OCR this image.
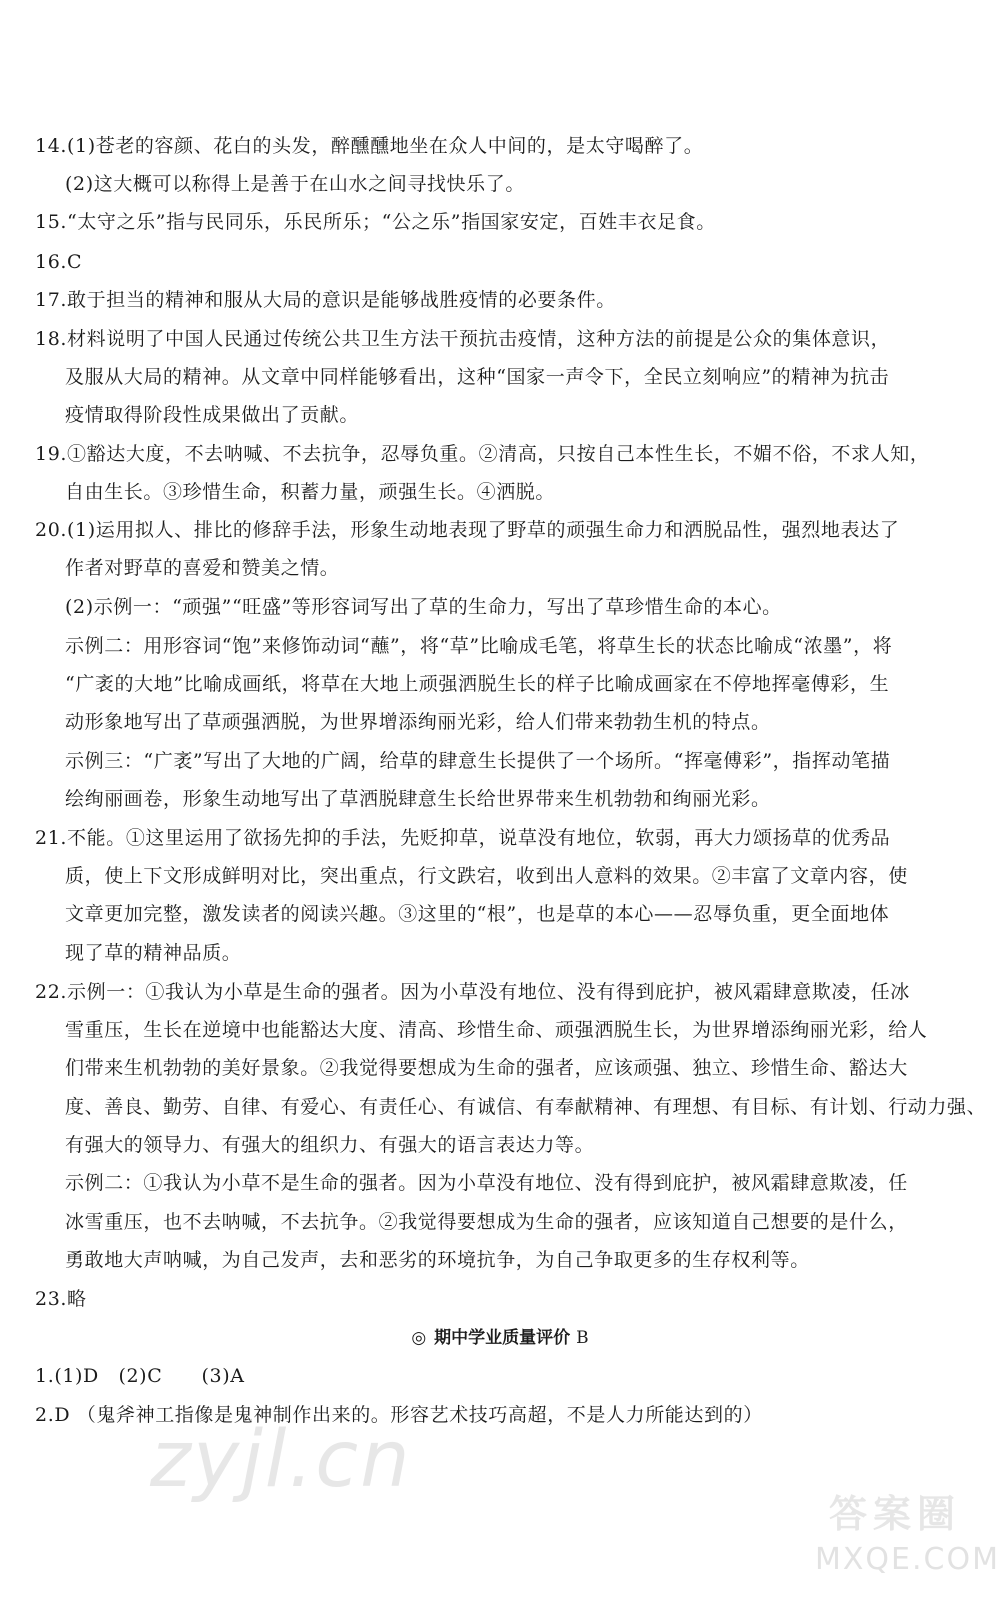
14.(1)苍老的容颜、花白的头发，醉醺醺地坐在众人中间的，是太守喝醉了。
(2)这大概可以称得上是善于在山水之间寻找快乐了。
15.“太守之乐”指与民同乐，乐民所乐；“公之乐”指国家安定，百姓丰衣足食。
16.C
17.敢于担当的精神和服从大局的意识是能够战胜疫情的必要条件。
18.材料说明了中国人民通过传统公共卫生方法干预抗击疫情，这种方法的前提是公众的集体意识，
及服从大局的精神。从文章中同样能够看出，这种“国家一声令下，全民立刻响应”的精神为抗击
疫情取得阶段性成果做出了贡献。
19.①豁达大度，不去呐喊、不去抗争，忍辱负重。②清高，只按自己本性生长，不媚不俗，不求人知，
自由生长。③珍惜生命，积蓄力量，顽强生长。④洒脱。
20.(1)运用拟人、排比的修辞手法，形象生动地表现了野草的顽强生命力和洒脱品性，强烈地表达了
作者对野草的喜爱和赞美之情。
(2)示例一：“顽强”“旺盛”等形容词写出了草的生命力，写出了草珍惜生命的本心。
示例二：用形容词“饱”来修饰动词“蘸”，将“草”比喻成毛笔，将草生长的状态比喻成“浓墨”，将
“广袤的大地”比喻成画纸，将草在大地上顽强洒脱生长的样子比喻成画家在不停地挥毫傅彩，生
动形象地写出了草顽强洒脱，为世界增添绚丽光彩，给人们带来勃勃生机的特点。
示例三：“广袤”写出了大地的广阔，给草的肆意生长提供了一个场所。“挥毫傅彩”，指挥动笔描
绘绚丽画卷，形象生动地写出了草洒脱肆意生长给世界带来生机勃勃和绚丽光彩。
21.不能。①这里运用了欲扬先抑的手法，先贬抑草，说草没有地位，软弱，再大力颂扬草的优秀品
质，使上下文形成鲜明对比，突出重点，行文跌宕，收到出人意料的效果。②丰富了文章内容，使
文章更加完整，激发读者的阅读兴趣。③这里的“根”，也是草的本心——忍辱负重，更全面地体
现了草的精神品质。
22.示例一：①我认为小草是生命的强者。因为小草没有地位、没有得到庇护，被风霜肆意欺凌，任冰
雪重压，生长在逆境中也能豁达大度、清高、珍惜生命、顽强洒脱生长，为世界增添绚丽光彩，给人
们带来生机勃勃的美好景象。②我觉得要想成为生命的强者，应该顽强、独立、珍惜生命、豁达大
度、善良、勤劳、自律、有爱心、有责任心、有诚信、有奉献精神、有理想、有目标、有计划、行动力强、
有强大的领导力、有强大的组织力、有强大的语言表达力等。
示例二：①我认为小草不是生命的强者。因为小草没有地位、没有得到庇护，被风霜肆意欺凌，任
冰雪重压，也不去呐喊，不去抗争。②我觉得要想成为生命的强者，应该知道自己想要的是什么，
勇敢地大声呐喊，为自己发声，去和恶劣的环境抗争，为自己争取更多的生存权利等。
23.略
◎ 期中学业质量评价 B
1.(1)D　(2)C　　(3)A
2.D （鬼斧神工指像是鬼神制作出来的。形容艺术技巧高超，不是人力所能达到的）
zyjl.cn
答案圈
MXQE.COM
